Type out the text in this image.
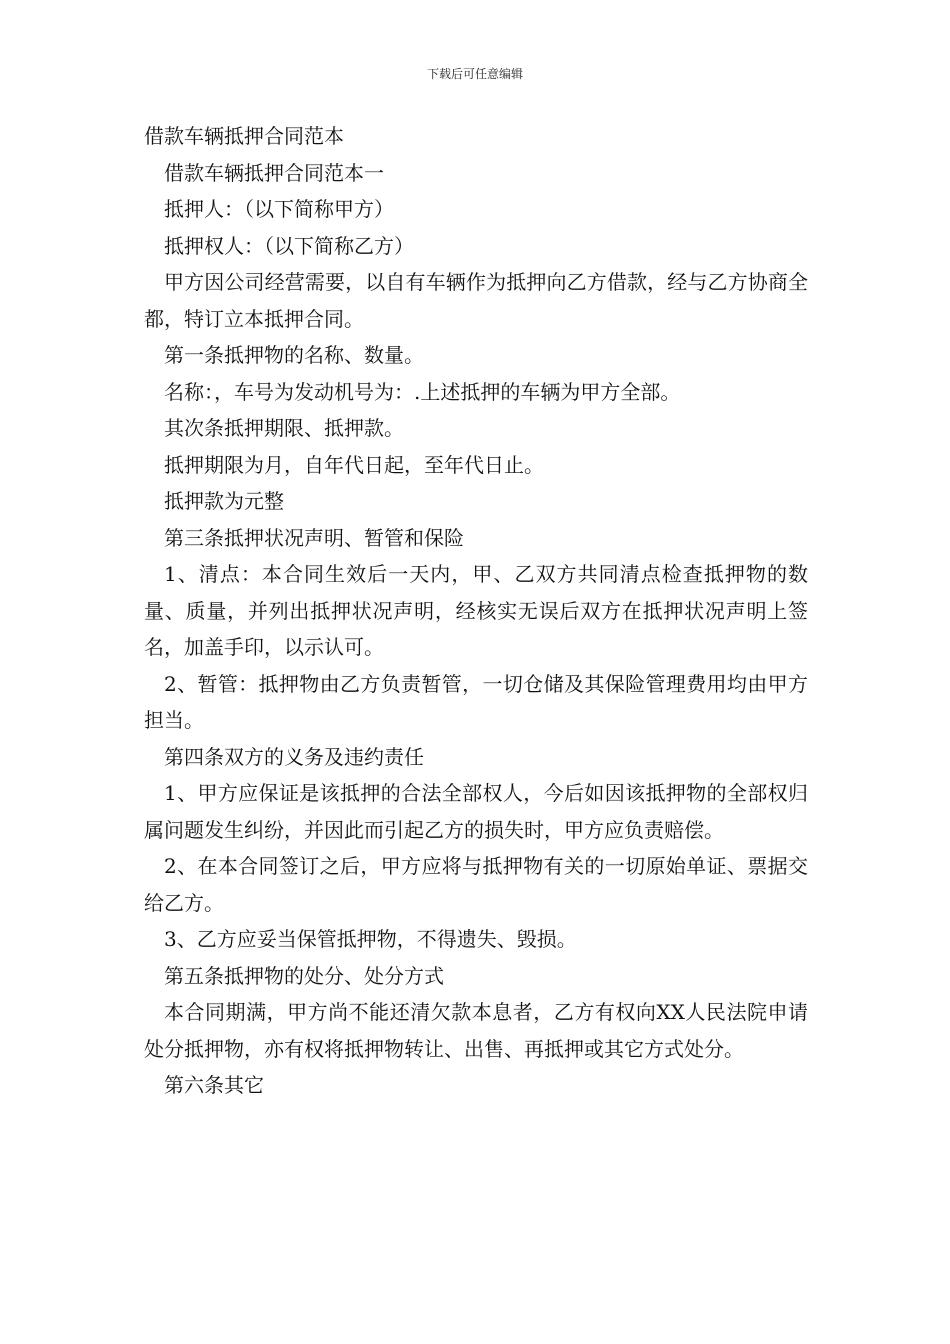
下载后可任意编辑

借款车辆抵押合同范本

借款车辆抵押合同范本一

抵押人：（以下简称甲方）

抵押权人：（以下简称乙方）

甲方因公司经营需要，以自有车辆作为抵押向乙方借款，经与乙方协商全都，特订立本抵押合同。

第一条抵押物的名称、数量。

名称：，车号为发动机号为：.上述抵押的车辆为甲方全部。

其次条抵押期限、抵押款。

抵押期限为月，自年代日起，至年代日止。

抵押款为元整

第三条抵押状况声明、暂管和保险

1、清点：本合同生效后一天内，甲、乙双方共同清点检查抵押物的数量、质量，并列出抵押状况声明，经核实无误后双方在抵押状况声明上签名，加盖手印，以示认可。

2、暂管：抵押物由乙方负责暂管，一切仓储及其保险管理费用均由甲方担当。

第四条双方的义务及违约责任

1、甲方应保证是该抵押的合法全部权人，今后如因该抵押物的全部权归属问题发生纠纷，并因此而引起乙方的损失时，甲方应负责赔偿。

2、在本合同签订之后，甲方应将与抵押物有关的一切原始单证、票据交给乙方。

3、乙方应妥当保管抵押物，不得遗失、毁损。

第五条抵押物的处分、处分方式

本合同期满，甲方尚不能还清欠款本息者，乙方有权向XX人民法院申请处分抵押物，亦有权将抵押物转让、出售、再抵押或其它方式处分。

第六条其它
